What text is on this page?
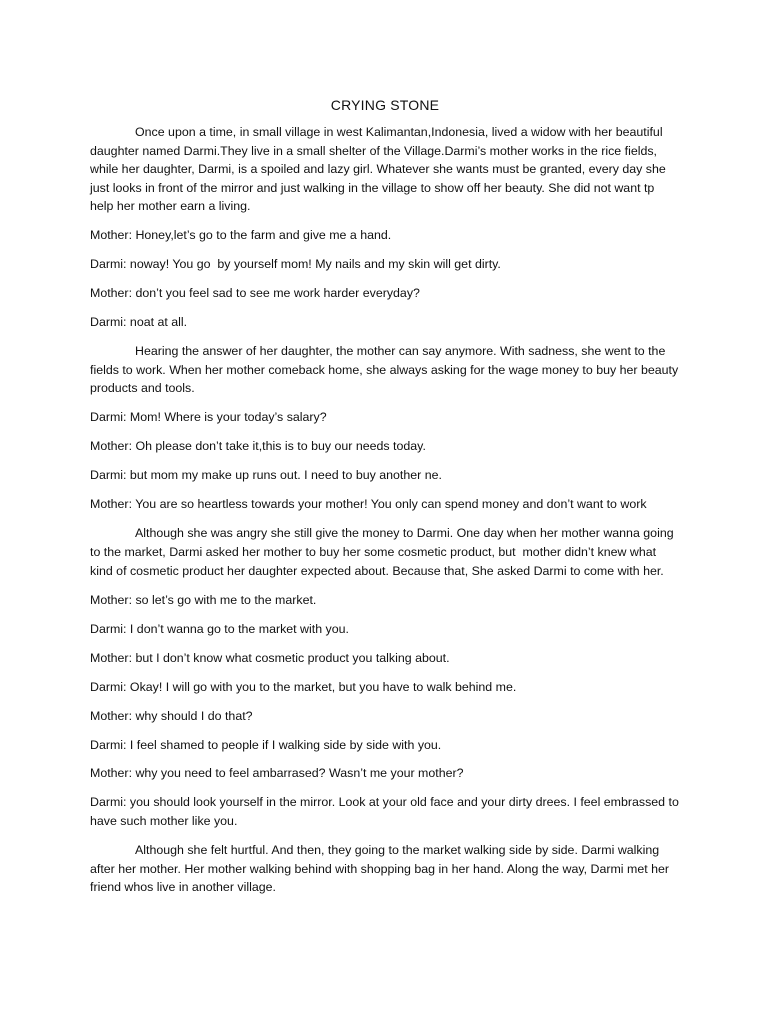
CRYING STONE

Once upon a time, in small village in west Kalimantan,Indonesia, lived a widow with her beautiful daughter named Darmi.They live in a small shelter of the Village.Darmi’s mother works in the rice fields, while her daughter, Darmi, is a spoiled and lazy girl. Whatever she wants must be granted, every day she just looks in front of the mirror and just walking in the village to show off her beauty. She did not want tp help her mother earn a living.

Mother: Honey,let’s go to the farm and give me a hand.

Darmi: noway! You go  by yourself mom! My nails and my skin will get dirty.

Mother: don’t you feel sad to see me work harder everyday?

Darmi: noat at all.

Hearing the answer of her daughter, the mother can say anymore. With sadness, she went to the fields to work. When her mother comeback home, she always asking for the wage money to buy her beauty products and tools.

Darmi: Mom! Where is your today’s salary?

Mother: Oh please don’t take it,this is to buy our needs today.

Darmi: but mom my make up runs out. I need to buy another ne.

Mother: You are so heartless towards your mother! You only can spend money and don’t want to work

Although she was angry she still give the money to Darmi. One day when her mother wanna going to the market, Darmi asked her mother to buy her some cosmetic product, but  mother didn’t knew what kind of cosmetic product her daughter expected about. Because that, She asked Darmi to come with her.

Mother: so let’s go with me to the market.

Darmi: I don’t wanna go to the market with you.

Mother: but I don’t know what cosmetic product you talking about.

Darmi: Okay! I will go with you to the market, but you have to walk behind me.

Mother: why should I do that?

Darmi: I feel shamed to people if I walking side by side with you.

Mother: why you need to feel ambarrased? Wasn’t me your mother?

Darmi: you should look yourself in the mirror. Look at your old face and your dirty drees. I feel embrassed to have such mother like you.

Although she felt hurtful. And then, they going to the market walking side by side. Darmi walking after her mother. Her mother walking behind with shopping bag in her hand. Along the way, Darmi met her friend whos live in another village.
